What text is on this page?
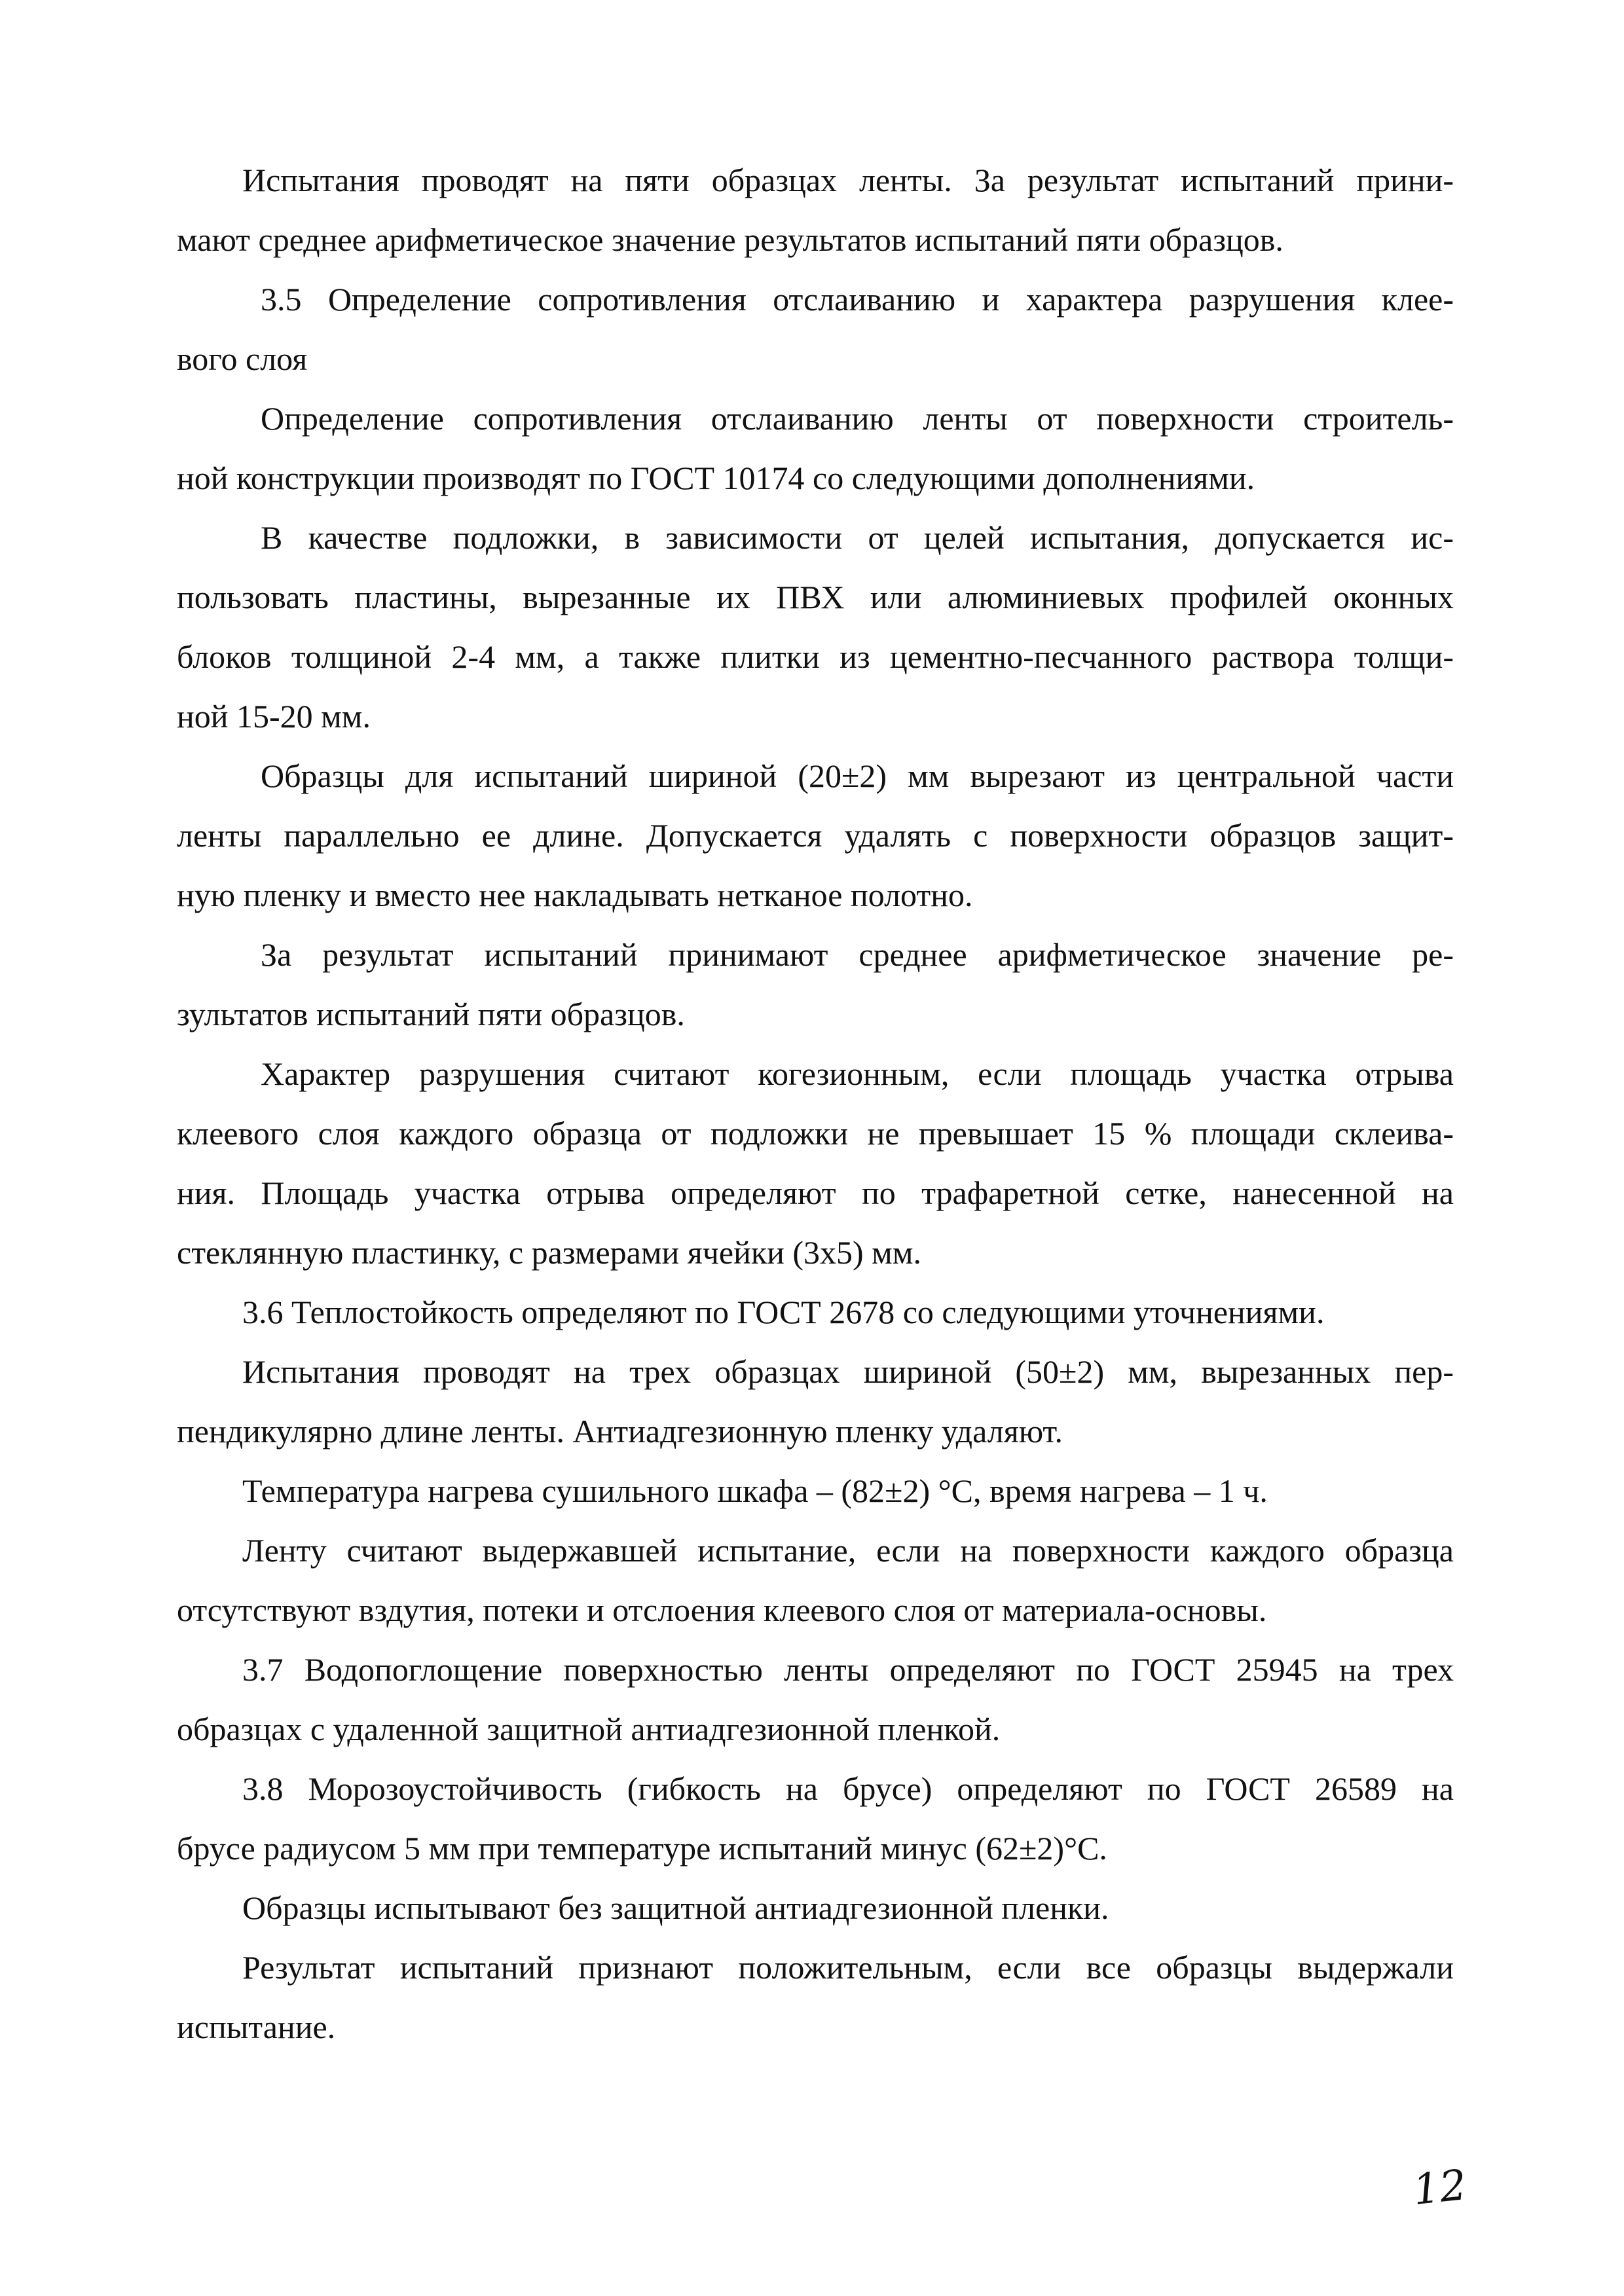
Испытания проводят на пяти образцах ленты. За результат испытаний прини-
мают среднее арифметическое значение результатов испытаний пяти образцов.
3.5 Определение сопротивления отслаиванию и характера разрушения клее-
вого слоя
Определение сопротивления отслаиванию ленты от поверхности строитель-
ной конструкции производят по ГОСТ 10174 со следующими дополнениями.
В качестве подложки, в зависимости от целей испытания, допускается ис-
пользовать пластины, вырезанные их ПВХ или алюминиевых профилей оконных
блоков толщиной 2-4 мм, а также плитки из цементно-песчанного раствора толщи-
ной 15-20 мм.
Образцы для испытаний шириной (20±2) мм вырезают из центральной части
ленты параллельно ее длине. Допускается удалять с поверхности образцов защит-
ную пленку и вместо нее накладывать нетканое полотно.
За результат испытаний принимают среднее арифметическое значение ре-
зультатов испытаний пяти образцов.
Характер разрушения считают когезионным, если площадь участка отрыва
клеевого слоя каждого образца от подложки не превышает 15 % площади склеива-
ния. Площадь участка отрыва определяют по трафаретной сетке, нанесенной на
стеклянную пластинку, с размерами ячейки (3х5) мм.
3.6 Теплостойкость определяют по ГОСТ 2678 со следующими уточнениями.
Испытания проводят на трех образцах шириной (50±2) мм, вырезанных пер-
пендикулярно длине ленты. Антиадгезионную пленку удаляют.
Температура нагрева сушильного шкафа – (82±2) °С, время нагрева – 1 ч.
Ленту считают выдержавшей испытание, если на поверхности каждого образца
отсутствуют вздутия, потеки и отслоения клеевого слоя от материала-основы.
3.7 Водопоглощение поверхностью ленты определяют по ГОСТ 25945 на трех
образцах с удаленной защитной антиадгезионной пленкой.
3.8 Морозоустойчивость (гибкость на брусе) определяют по ГОСТ 26589 на
брусе радиусом 5 мм при температуре испытаний минус (62±2)°С.
Образцы испытывают без защитной антиадгезионной пленки.
Результат испытаний признают положительным, если все образцы выдержали
испытание.
12
